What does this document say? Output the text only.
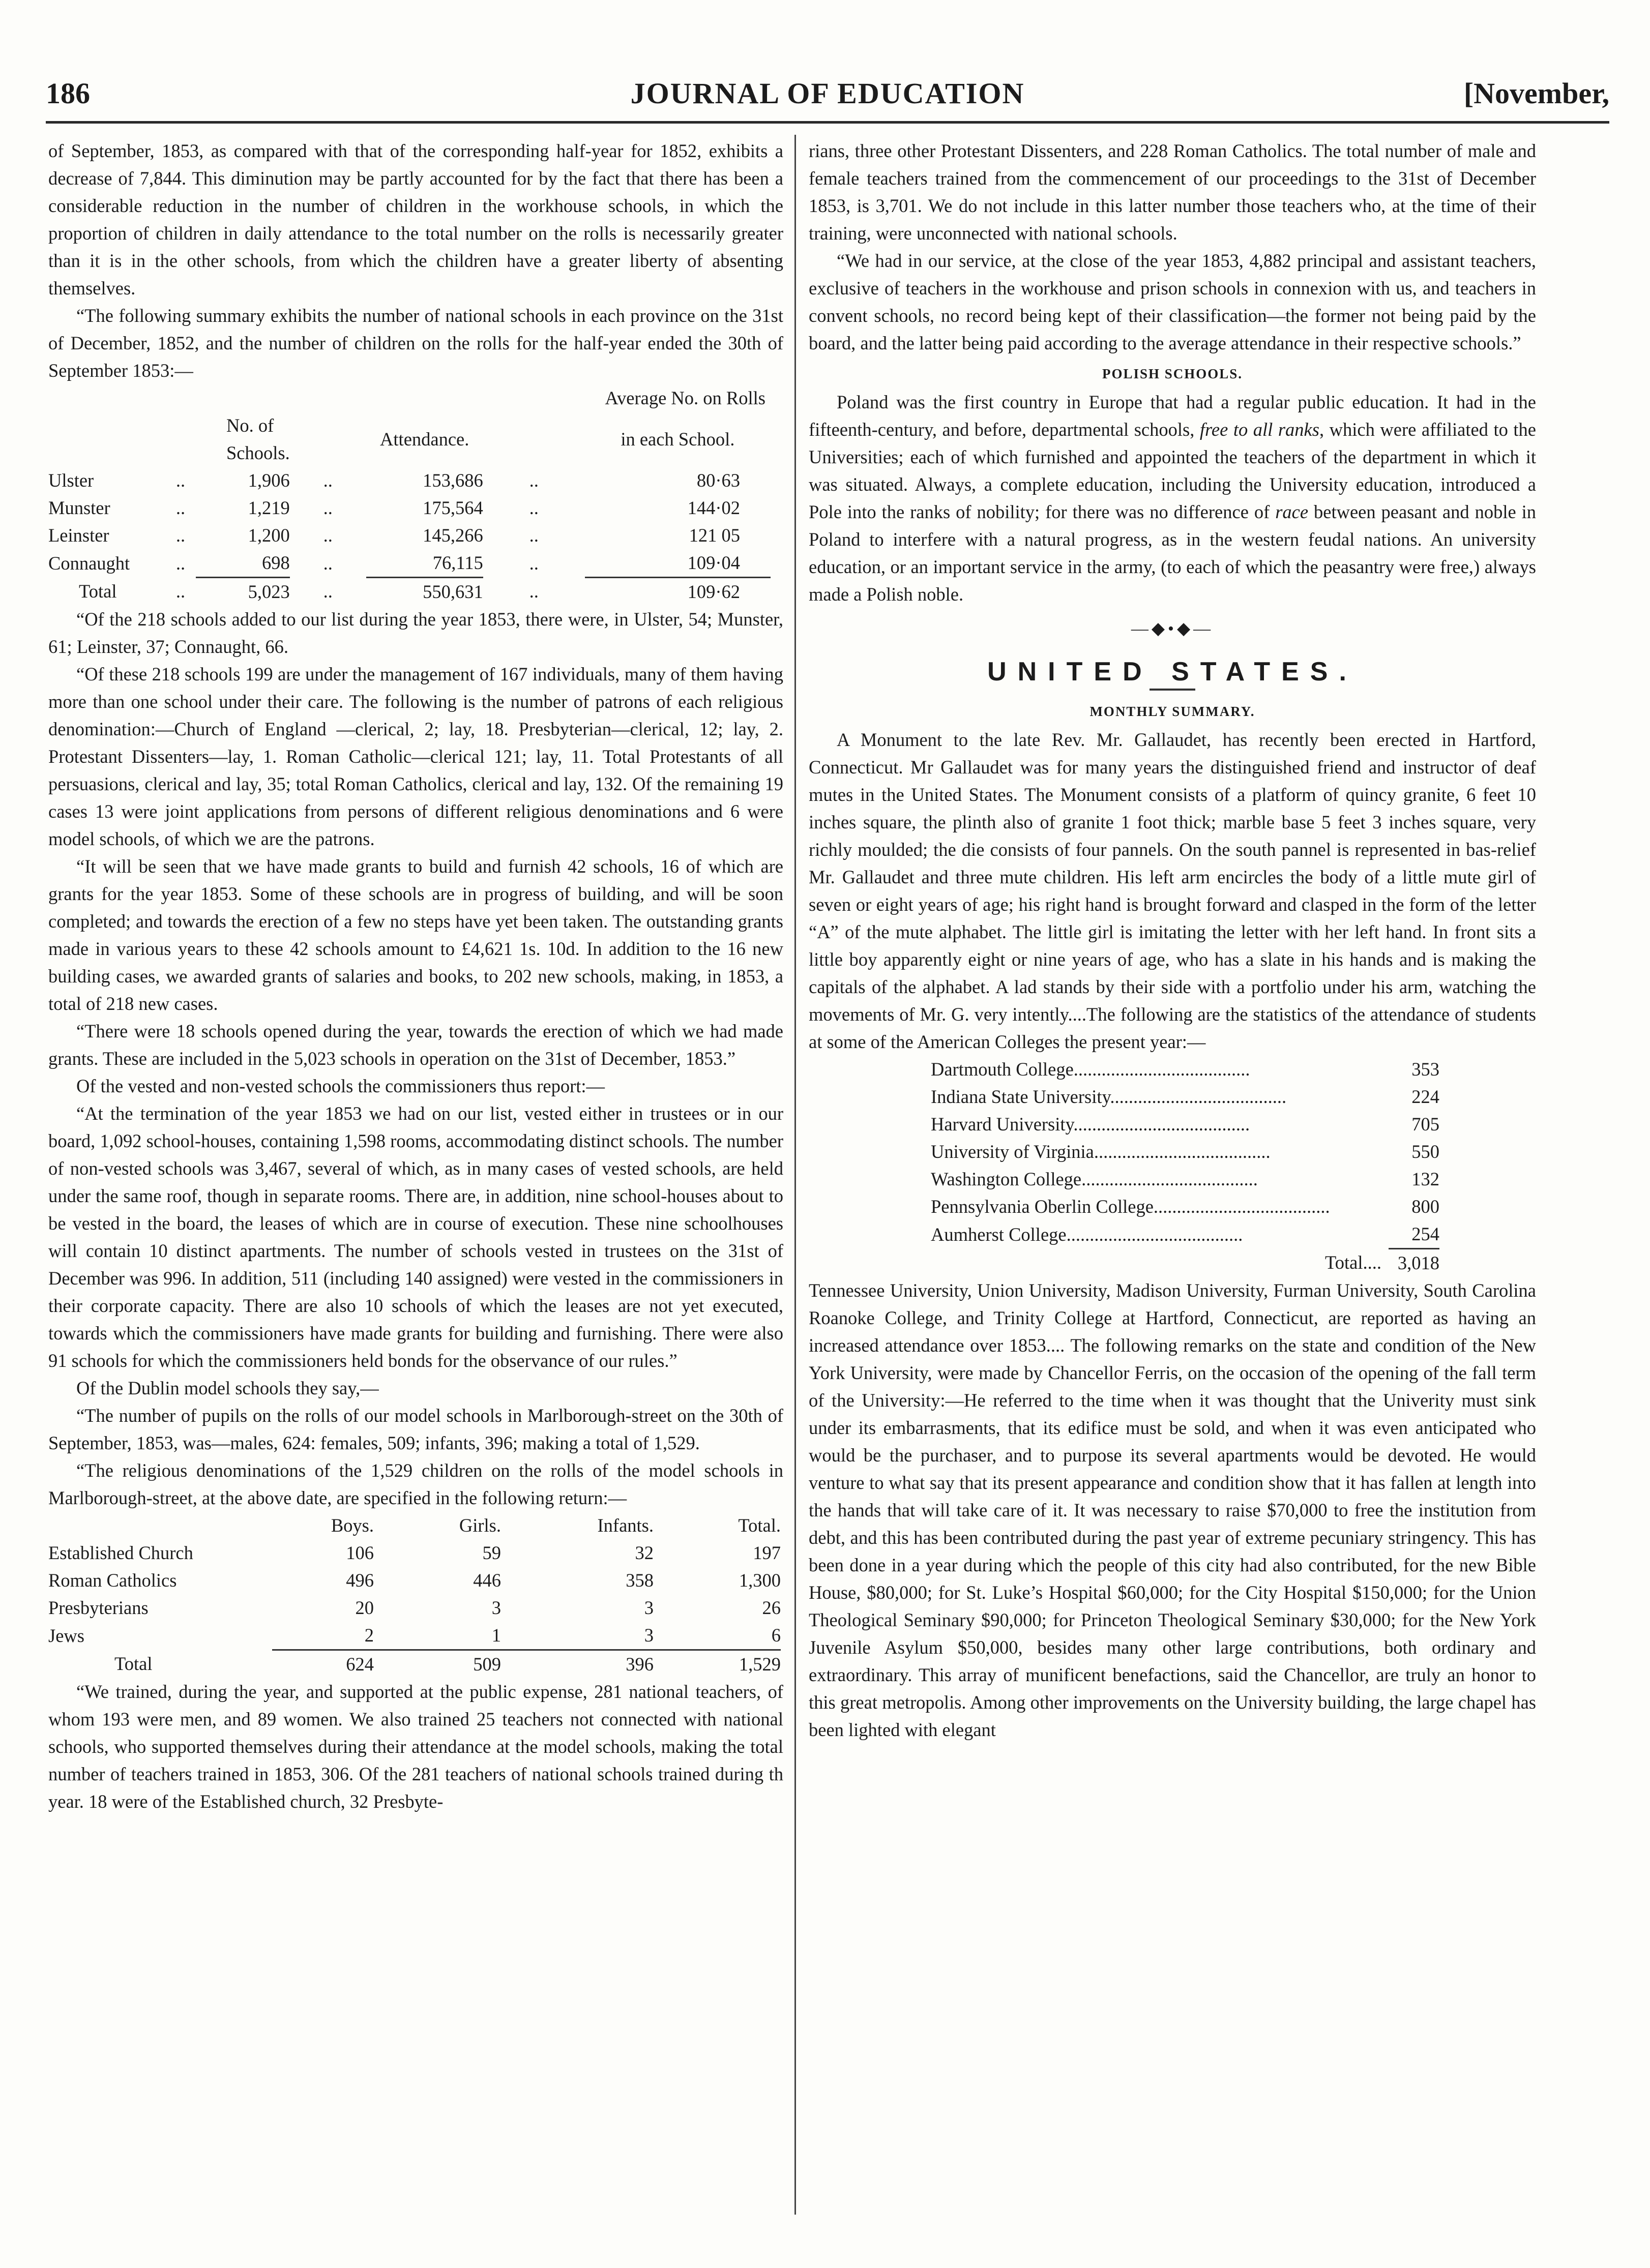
186	JOURNAL OF EDUCATION	[November,

of September, 1853, as compared with that of the corresponding half-year for 1852, exhibits a decrease of 7,844. This diminution may be partly accounted for by the fact that there has been a considerable reduction in the number of children in the workhouse schools, in which the proportion of children in daily attendance to the total number on the rolls is necessarily greater than it is in the other schools, from which the children have a greater liberty of absenting themselves.

“The following summary exhibits the number of national schools in each province on the 31st of December, 1852, and the number of children on the rolls for the half-year ended the 30th of September 1853:—

Average No. on Rolls						
		No. of Schools.		Attendance.		in each School.
Ulster	..	1,906	..	153,686	..	80·63
Munster	..	1,219	..	175,564	..	144·02
Leinster	..	1,200	..	145,266	..	121 05
Connaught	..	698	..	76,115	..	109·04
Total	..	5,023	..	550,631	..	109·62

“Of the 218 schools added to our list during the year 1853, there were, in Ulster, 54; Munster, 61; Leinster, 37; Connaught, 66.

“Of these 218 schools 199 are under the management of 167 individuals, many of them having more than one school under their care. The following is the number of patrons of each religious denomination:—Church of England —clerical, 2; lay, 18. Presbyterian—clerical, 12; lay, 2. Protestant Dissenters—lay, 1. Roman Catholic—clerical 121; lay, 11. Total Protestants of all persuasions, clerical and lay, 35; total Roman Catholics, clerical and lay, 132. Of the remaining 19 cases 13 were joint applications from persons of different religious denominations and 6 were model schools, of which we are the patrons.

“It will be seen that we have made grants to build and furnish 42 schools, 16 of which are grants for the year 1853. Some of these schools are in progress of building, and will be soon completed; and towards the erection of a few no steps have yet been taken. The outstanding grants made in various years to these 42 schools amount to £4,621 1s. 10d. In addition to the 16 new building cases, we awarded grants of salaries and books, to 202 new schools, making, in 1853, a total of 218 new cases.

“There were 18 schools opened during the year, towards the erection of which we had made grants. These are included in the 5,023 schools in operation on the 31st of December, 1853.”

Of the vested and non-vested schools the commissioners thus report:—

“At the termination of the year 1853 we had on our list, vested either in trustees or in our board, 1,092 school-houses, containing 1,598 rooms, accommodating distinct schools. The number of non-vested schools was 3,467, several of which, as in many cases of vested schools, are held under the same roof, though in separate rooms. There are, in addition, nine school-houses about to be vested in the board, the leases of which are in course of execution. These nine schoolhouses will contain 10 distinct apartments. The number of schools vested in trustees on the 31st of December was 996. In addition, 511 (including 140 assigned) were vested in the commissioners in their corporate capacity. There are also 10 schools of which the leases are not yet executed, towards which the commissioners have made grants for building and furnishing. There were also 91 schools for which the commissioners held bonds for the observance of our rules.”

Of the Dublin model schools they say,—

“The number of pupils on the rolls of our model schools in Marlborough-street on the 30th of September, 1853, was—males, 624: females, 509; infants, 396; making a total of 1,529.

“The religious denominations of the 1,529 children on the rolls of the model schools in Marlborough-street, at the above date, are specified in the following return:—

	Boys.	Girls.	Infants.	Total.
Established Church	106	59	32	197
Roman Catholics	496	446	358	1,300
Presbyterians	20	3	3	26
Jews	2	1	3	6
Total	624	509	396	1,529

“We trained, during the year, and supported at the public expense, 281 national teachers, of whom 193 were men, and 89 women. We also trained 25 teachers not connected with national schools, who supported themselves during their attendance at the model schools, making the total number of teachers trained in 1853, 306. Of the 281 teachers of national schools trained during th year. 18 were of the Established church, 32 Presbyte-

rians, three other Protestant Dissenters, and 228 Roman Catholics. The total number of male and female teachers trained from the commencement of our proceedings to the 31st of December 1853, is 3,701. We do not include in this latter number those teachers who, at the time of their training, were unconnected with national schools.

“We had in our service, at the close of the year 1853, 4,882 principal and assistant teachers, exclusive of teachers in the workhouse and prison schools in connexion with us, and teachers in convent schools, no record being kept of their classification—the former not being paid by the board, and the latter being paid according to the average attendance in their respective schools.”

POLISH SCHOOLS.

Poland was the first country in Europe that had a regular public education. It had in the fifteenth-century, and before, departmental schools, free to all ranks, which were affiliated to the Universities; each of which furnished and appointed the teachers of the department in which it was situated. Always, a complete education, including the University education, introduced a Pole into the ranks of nobility; for there was no difference of race between peasant and noble in Poland to interfere with a natural progress, as in the western feudal nations. An university education, or an important service in the army, (to each of which the peasantry were free,) always made a Polish noble.

—◆•◆—
UNITED STATES.
MONTHLY SUMMARY.

A Monument to the late Rev. Mr. Gallaudet, has recently been erected in Hartford, Connecticut. Mr Gallaudet was for many years the distinguished friend and instructor of deaf mutes in the United States. The Monument consists of a platform of quincy granite, 6 feet 10 inches square, the plinth also of granite 1 foot thick; marble base 5 feet 3 inches square, very richly moulded; the die consists of four pannels. On the south pannel is represented in bas-relief Mr. Gallaudet and three mute children. His left arm encircles the body of a little mute girl of seven or eight years of age; his right hand is brought forward and clasped in the form of the letter “A” of the mute alphabet. The little girl is imitating the letter with her left hand. In front sits a little boy apparently eight or nine years of age, who has a slate in his hands and is making the capitals of the alphabet. A lad stands by their side with a portfolio under his arm, watching the movements of Mr. G. very intently....The following are the statistics of the attendance of students at some of the American Colleges the present year:—

Dartmouth College......................................	353
Indiana State University......................................	224
Harvard University......................................	705
University of Virginia......................................	550
Washington College......................................	132
Pennsylvania Oberlin College......................................	800
Aumherst College......................................	254
Total....	3,018

Tennessee University, Union University, Madison University, Furman University, South Carolina Roanoke College, and Trinity College at Hartford, Connecticut, are reported as having an increased attendance over 1853.... The following remarks on the state and condition of the New York University, were made by Chancellor Ferris, on the occasion of the opening of the fall term of the University:—He referred to the time when it was thought that the Univerity must sink under its embarrasments, that its edifice must be sold, and when it was even anticipated who would be the purchaser, and to purpose its several apartments would be devoted. He would venture to what say that its present appearance and condition show that it has fallen at length into the hands that will take care of it. It was necessary to raise $70,000 to free the institution from debt, and this has been contributed during the past year of extreme pecuniary stringency. This has been done in a year during which the people of this city had also contributed, for the new Bible House, $80,000; for St. Luke’s Hospital $60,000; for the City Hospital $150,000; for the Union Theological Seminary $90,000; for Princeton Theological Seminary $30,000; for the New York Juvenile Asylum $50,000, besides many other large contributions, both ordinary and extraordinary. This array of munificent benefactions, said the Chancellor, are truly an honor to this great metropolis. Among other improvements on the University building, the large chapel has been lighted with elegant
